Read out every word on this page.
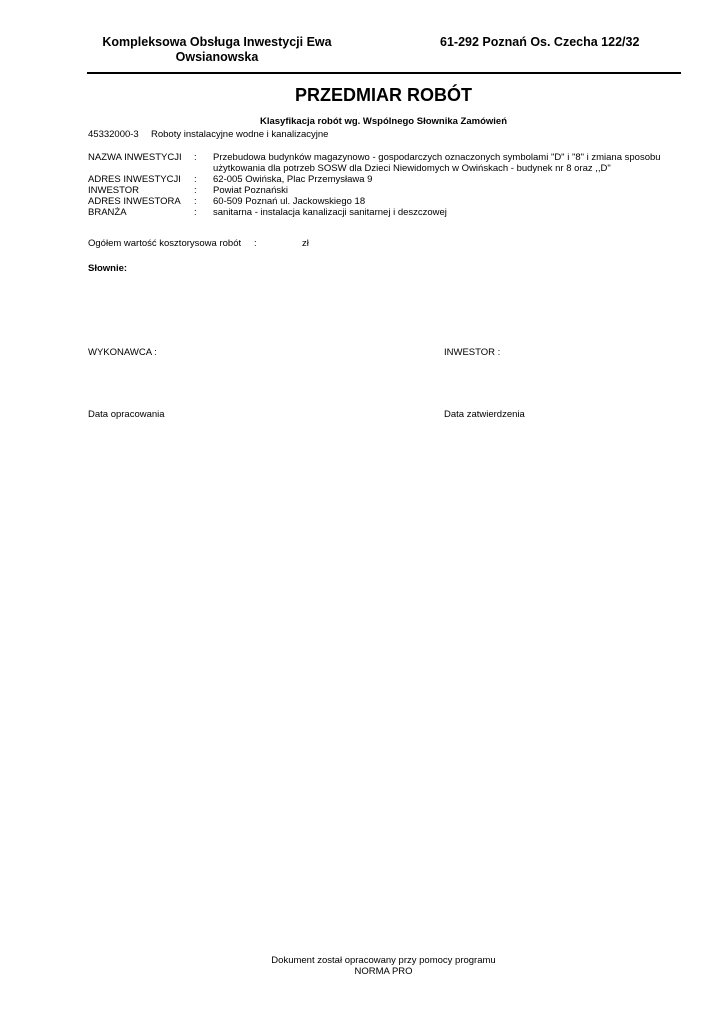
Kompleksowa Obsługa Inwestycji Ewa
Owsianowska
61-292 Poznań Os. Czecha 122/32
PRZEDMIAR ROBÓT
Klasyfikacja robót wg. Wspólnego Słownika Zamówień
45332000-3 Roboty instalacyjne wodne i kanalizacyjne
NAZWA INWESTYCJI	: Przebudowa budynków magazynowo - gospodarczych oznaczonych symbolami "D" i "8" i zmiana sposobu
użytkowania dla potrzeb SOSW dla Dzieci Niewidomych w Owińskach - budynek nr 8 oraz ,,D"
ADRES INWESTYCJI	: 62-005 Owińska, Plac Przemysława 9
INWESTOR	: Powiat Poznański
ADRES INWESTORA	: 60-509 Poznań ul. Jackowskiego 18
BRANŻA	: sanitarna - instalacja kanalizacji sanitarnej i deszczowej
Ogółem wartość kosztorysowa robót :	zł
Słownie:
WYKONAWCA :	INWESTOR :
Data opracowania	Data zatwierdzenia
Dokument został opracowany przy pomocy programu
NORMA PRO
